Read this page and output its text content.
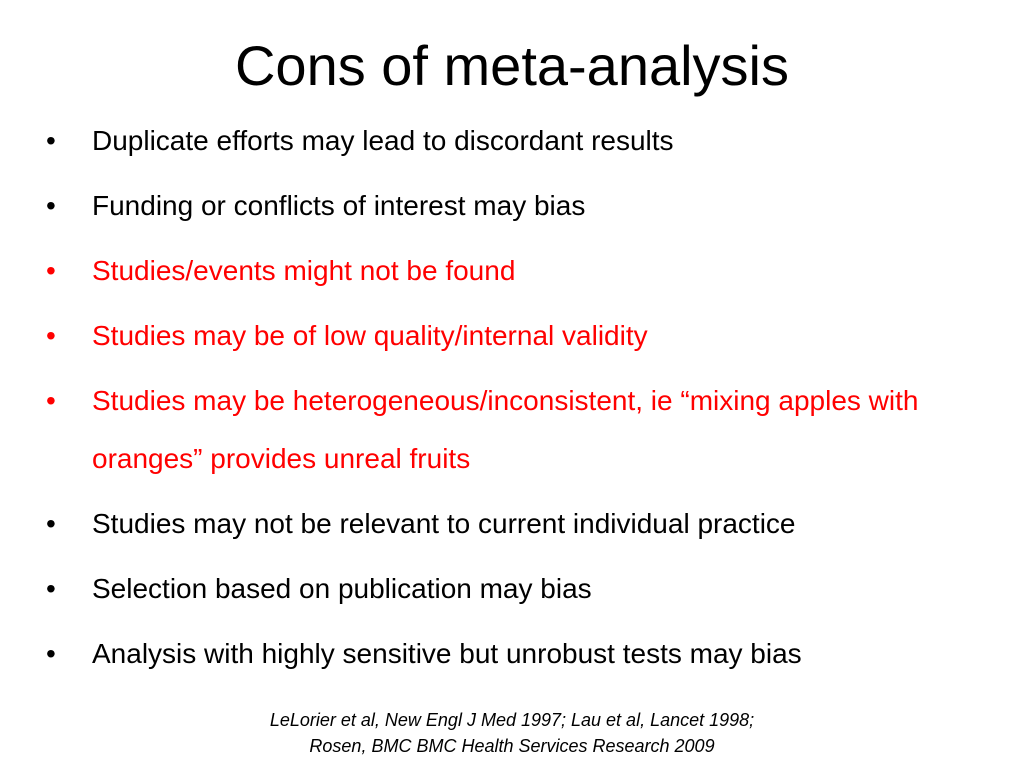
Cons of meta-analysis
• Duplicate efforts may lead to discordant results
• Funding or conflicts of interest may bias
• Studies/events might not be found
• Studies may be of low quality/internal validity
• Studies may be heterogeneous/inconsistent, ie “mixing apples with oranges” provides unreal fruits
• Studies may not be relevant to current individual practice
• Selection based on publication may bias
• Analysis with highly sensitive but unrobust tests may bias
LeLorier et al, New Engl J Med 1997; Lau et al, Lancet 1998;
Rosen, BMC BMC Health Services Research 2009
